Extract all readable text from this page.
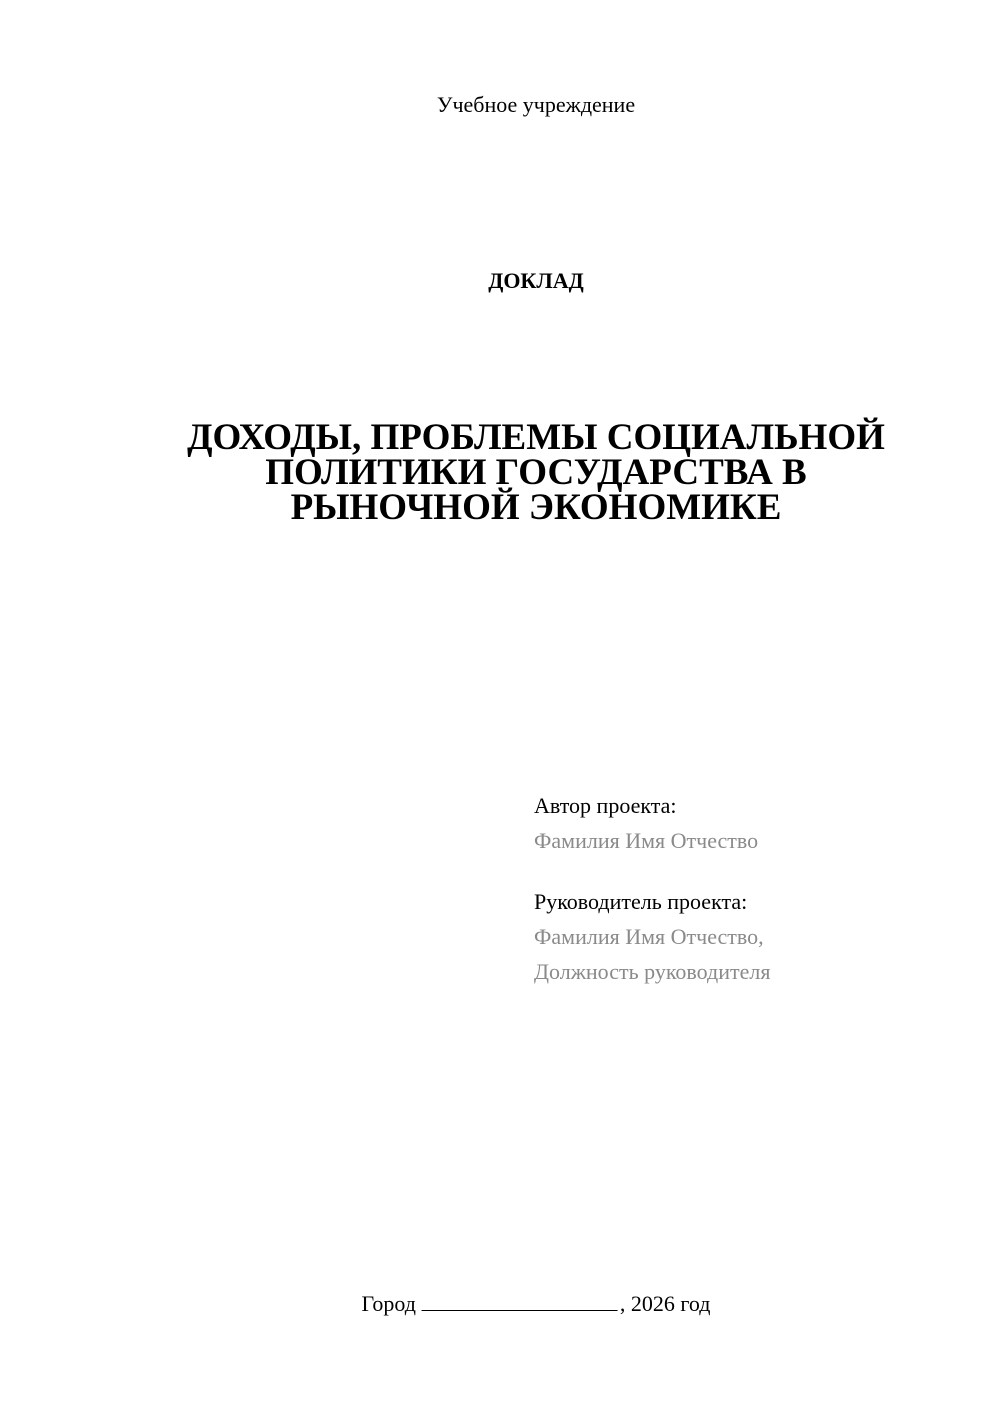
Учебное учреждение
ДОКЛАД
ДОХОДЫ, ПРОБЛЕМЫ СОЦИАЛЬНОЙ
ПОЛИТИКИ ГОСУДАРСТВА В
РЫНОЧНОЙ ЭКОНОМИКЕ
Автор проекта:
Фамилия Имя Отчество
Руководитель проекта:
Фамилия Имя Отчество,
Должность руководителя
Город	, 2026 год
